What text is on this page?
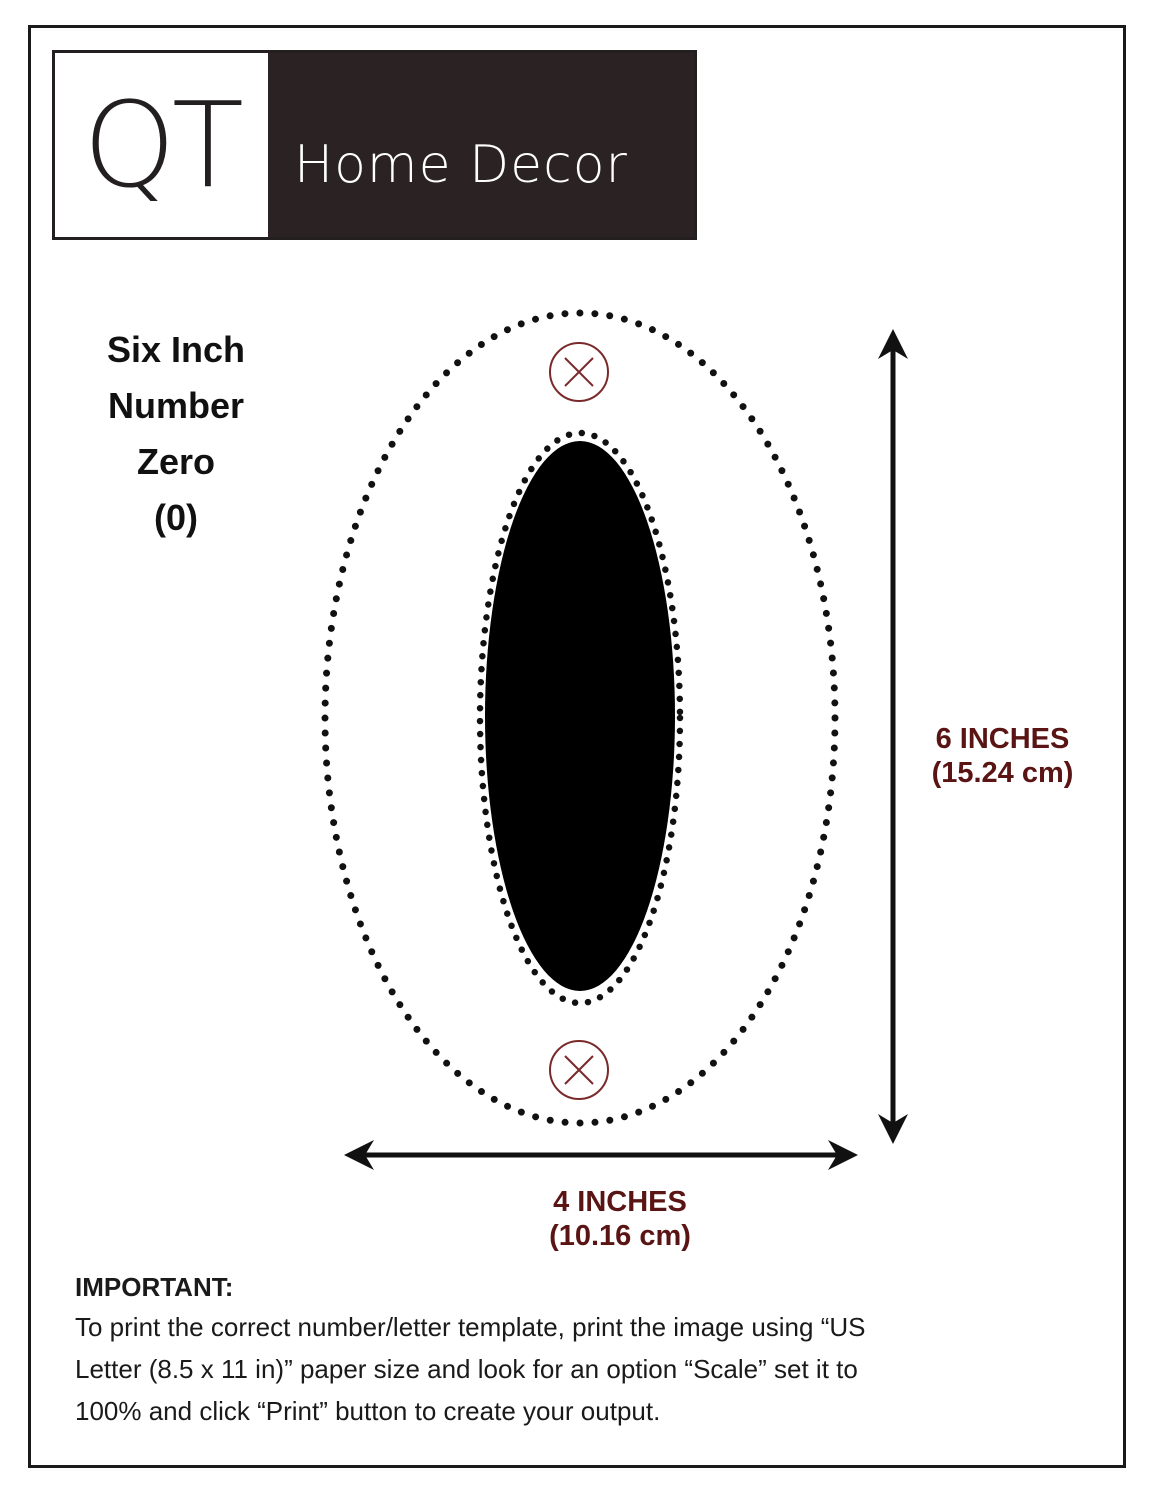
QT	Home Decor
Six Inch
Number
Zero
(0)
6 INCHES
(15.24 cm)
4 INCHES
(10.16 cm)
IMPORTANT:
To print the correct number/letter template, print the image using “US
Letter (8.5 x 11 in)” paper size and look for an option “Scale” set it to
100% and click “Print” button to create your output.
